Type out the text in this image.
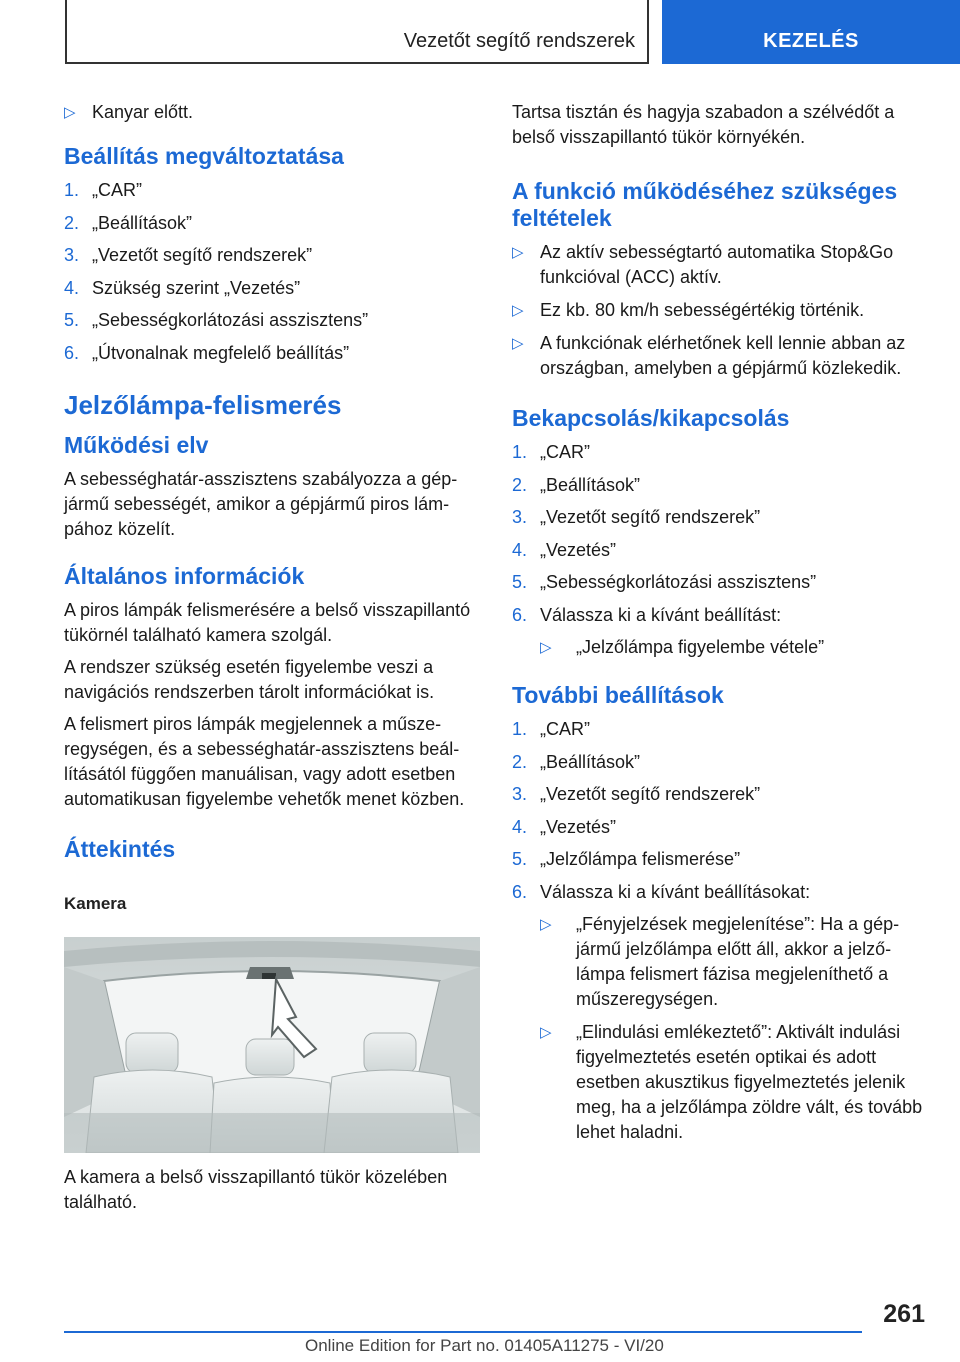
Vezetőt segítő rendszerek	KEZELÉS
▷ Kanyar előtt.
Beállítás megváltoztatása
1. „CAR”
2. „Beállítások”
3. „Vezetőt segítő rendszerek”
4. Szükség szerint „Vezetés”
5. „Sebességkorlátozási asszisztens”
6. „Útvonalnak megfelelő beállítás”
Jelzőlámpa-felismerés
Működési elv

A sebességhatár-asszisztens szabályozza a gépjármű sebességét, amikor a gépjármű piros lámpához közelít.

Általános információk

A piros lámpák felismerésére a belső visszapillantó tükörnél található kamera szolgál.

A rendszer szükség esetén figyelembe veszi a navigációs rendszerben tárolt információkat is.

A felismert piros lámpák megjelennek a műszeregységen, és a sebességhatár-asszisztens beállításától függően manuálisan, vagy adott esetben automatikusan figyelembe vehetők menet közben.

Áttekintés
Kamera

A kamera a belső visszapillantó tükör közelében található.

Tartsa tisztán és hagyja szabadon a szélvédőt a belső visszapillantó tükör környékén.

A funkció működéséhez szükséges feltételek
▷ Az aktív sebességtartó automatika Stop&Go funkcióval (ACC) aktív.
▷ Ez kb. 80 km/h sebességértékig történik.
▷ A funkciónak elérhetőnek kell lennie abban az országban, amelyben a gépjármű közlekedik.
Bekapcsolás/kikapcsolás
1. „CAR”
2. „Beállítások”
3. „Vezetőt segítő rendszerek”
4. „Vezetés”
5. „Sebességkorlátozási asszisztens”
6. Válassza ki a kívánt beállítást:
▷ „Jelzőlámpa figyelembe vétele”
További beállítások
1. „CAR”
2. „Beállítások”
3. „Vezetőt segítő rendszerek”
4. „Vezetés”
5. „Jelzőlámpa felismerése”
6. Válassza ki a kívánt beállításokat:
▷ „Fényjelzések megjelenítése”: Ha a gépjármű jelzőlámpa előtt áll, akkor a jelzőlámpa felismert fázisa megjeleníthető a műszeregységen.
▷ „Elindulási emlékeztető”: Aktivált indulási figyelmeztetés esetén optikai és adott esetben akusztikus figyelmeztetés jelenik meg, ha a jelzőlámpa zöldre vált, és tovább lehet haladni.
261
Online Edition for Part no. 01405A11275 - VI/20
